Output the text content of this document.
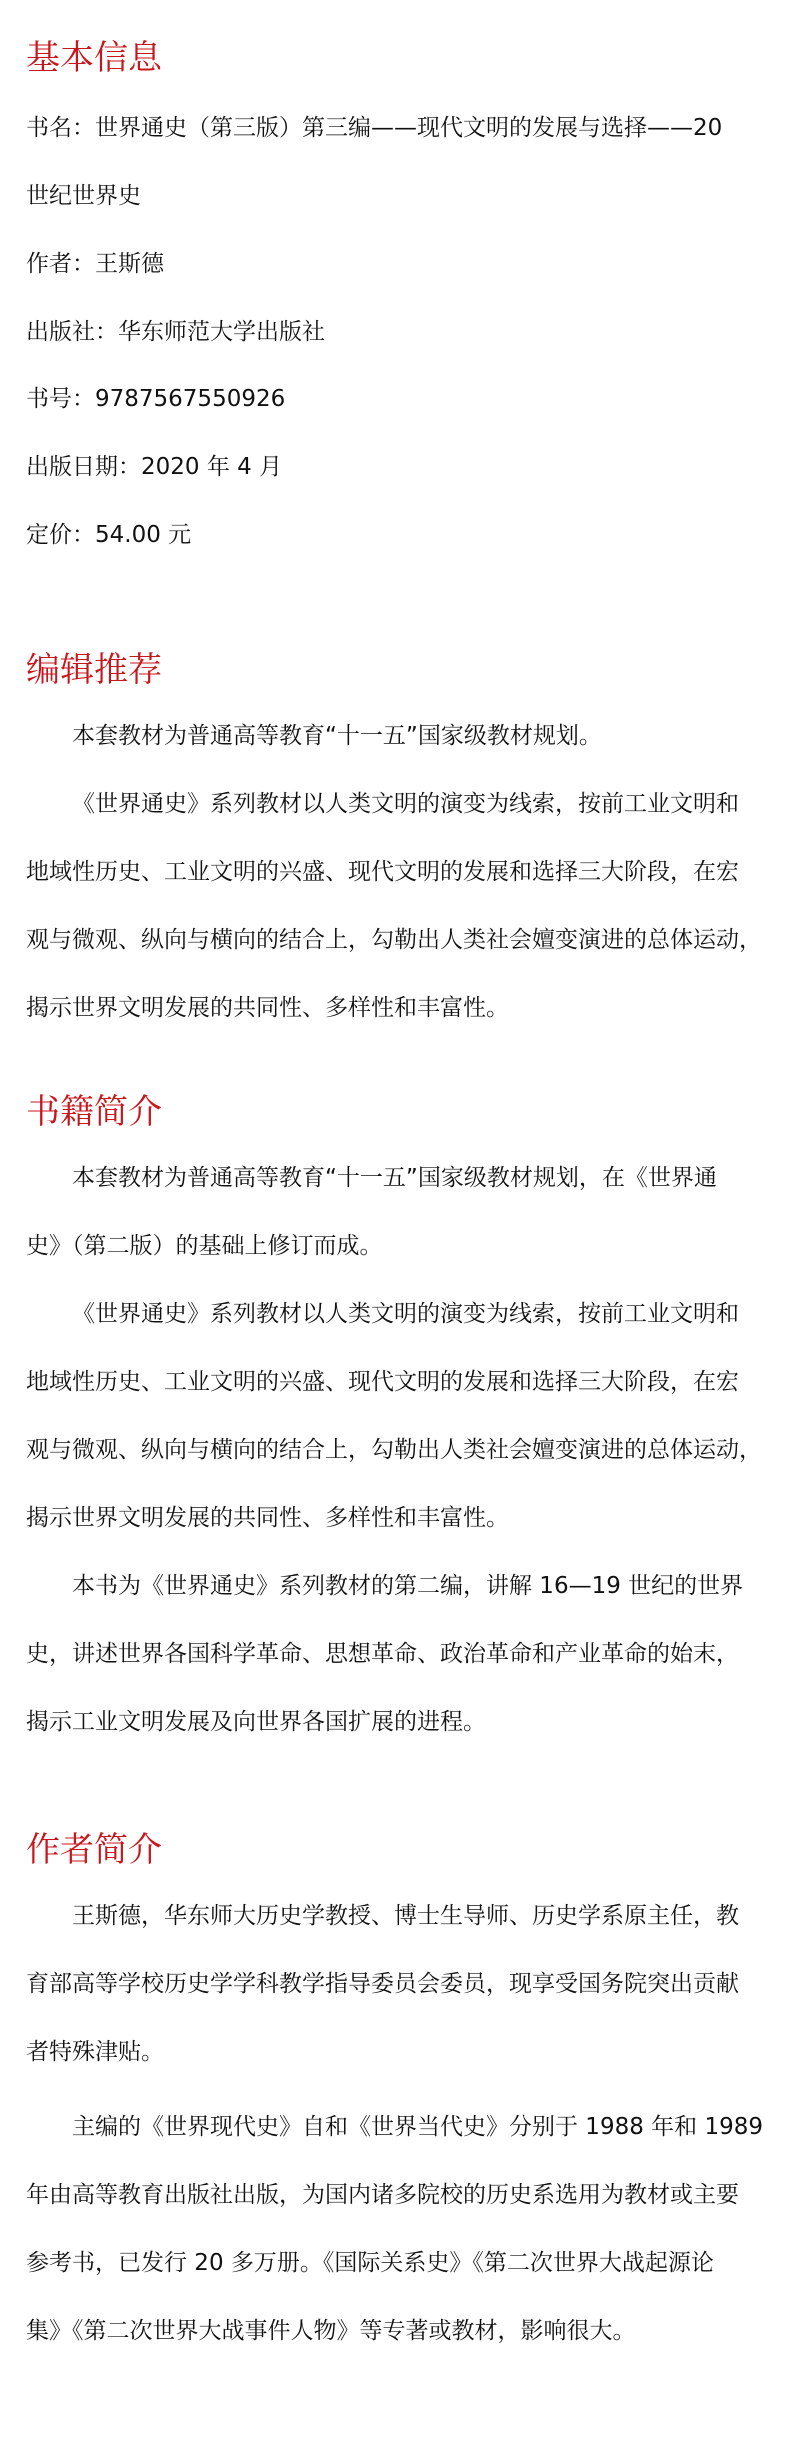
基本信息

书名：世界通史（第三版）第三编——现代文明的发展与选择——20

世纪世界史

作者：王斯德

出版社：华东师范大学出版社

书号：9787567550926

出版日期：2020 年 4 月

定价：54.00 元

编辑推荐

本套教材为普通高等教育“十一五”国家级教材规划。

《世界通史》系列教材以人类文明的演变为线索，按前工业文明和

地域性历史、工业文明的兴盛、现代文明的发展和选择三大阶段，在宏

观与微观、纵向与横向的结合上，勾勒出人类社会嬗变演进的总体运动，

揭示世界文明发展的共同性、多样性和丰富性。

书籍简介

本套教材为普通高等教育“十一五”国家级教材规划，在《世界通

史》（第二版）的基础上修订而成。

《世界通史》系列教材以人类文明的演变为线索，按前工业文明和

地域性历史、工业文明的兴盛、现代文明的发展和选择三大阶段，在宏

观与微观、纵向与横向的结合上，勾勒出人类社会嬗变演进的总体运动，

揭示世界文明发展的共同性、多样性和丰富性。

本书为《世界通史》系列教材的第二编，讲解 16—19 世纪的世界

史，讲述世界各国科学革命、思想革命、政治革命和产业革命的始末，

揭示工业文明发展及向世界各国扩展的进程。

作者简介

王斯德，华东师大历史学教授、博士生导师、历史学系原主任，教

育部高等学校历史学学科教学指导委员会委员，现享受国务院突出贡献

者特殊津贴。

主编的《世界现代史》自和《世界当代史》分别于 1988 年和 1989

年由高等教育出版社出版，为国内诸多院校的历史系选用为教材或主要

参考书，已发行 20 多万册。《国际关系史》《第二次世界大战起源论

集》《第二次世界大战事件人物》等专著或教材，影响很大。
